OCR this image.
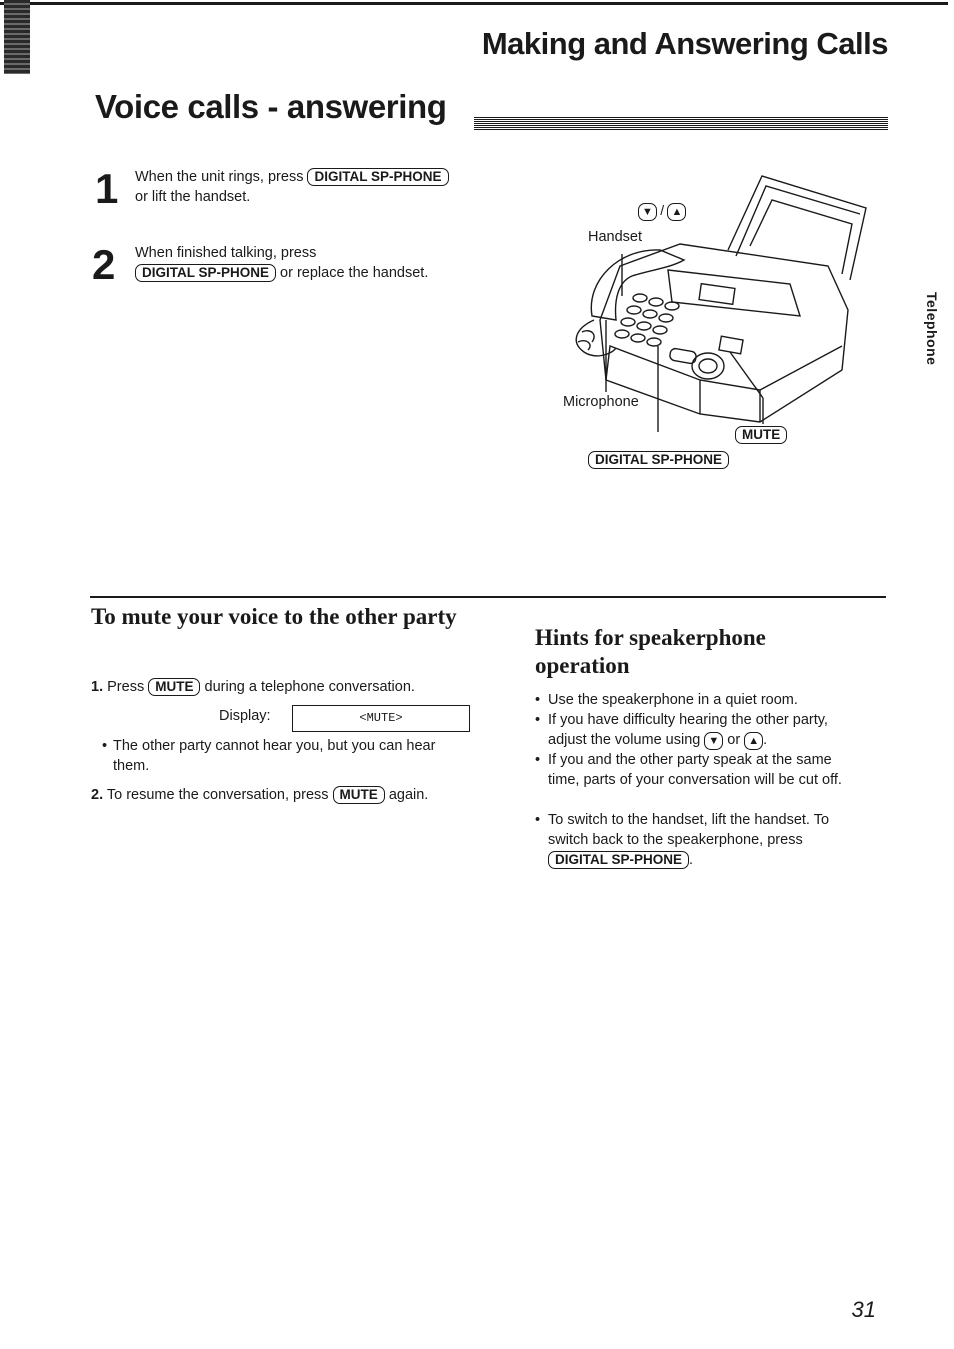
Making and Answering Calls
Voice calls - answering
1 When the unit rings, press DIGITAL SP-PHONE
or lift the handset.
2 When finished talking, press
DIGITAL SP-PHONE or replace the handset.
Telephone
▼ / ▲
Handset
Microphone
MUTE
DIGITAL SP-PHONE
To mute your voice to the other party
1. Press MUTE during a telephone conversation.
Display:	<MUTE>
• The other party cannot hear you, but you can hear them.
2. To resume the conversation, press MUTE again.
Hints for speakerphone operation
• Use the speakerphone in a quiet room.
• If you have difficulty hearing the other party, adjust the volume using ▼ or ▲ .
• If you and the other party speak at the same time, parts of your conversation will be cut off.
• To switch to the handset, lift the handset. To switch back to the speakerphone, press DIGITAL SP-PHONE .
31
